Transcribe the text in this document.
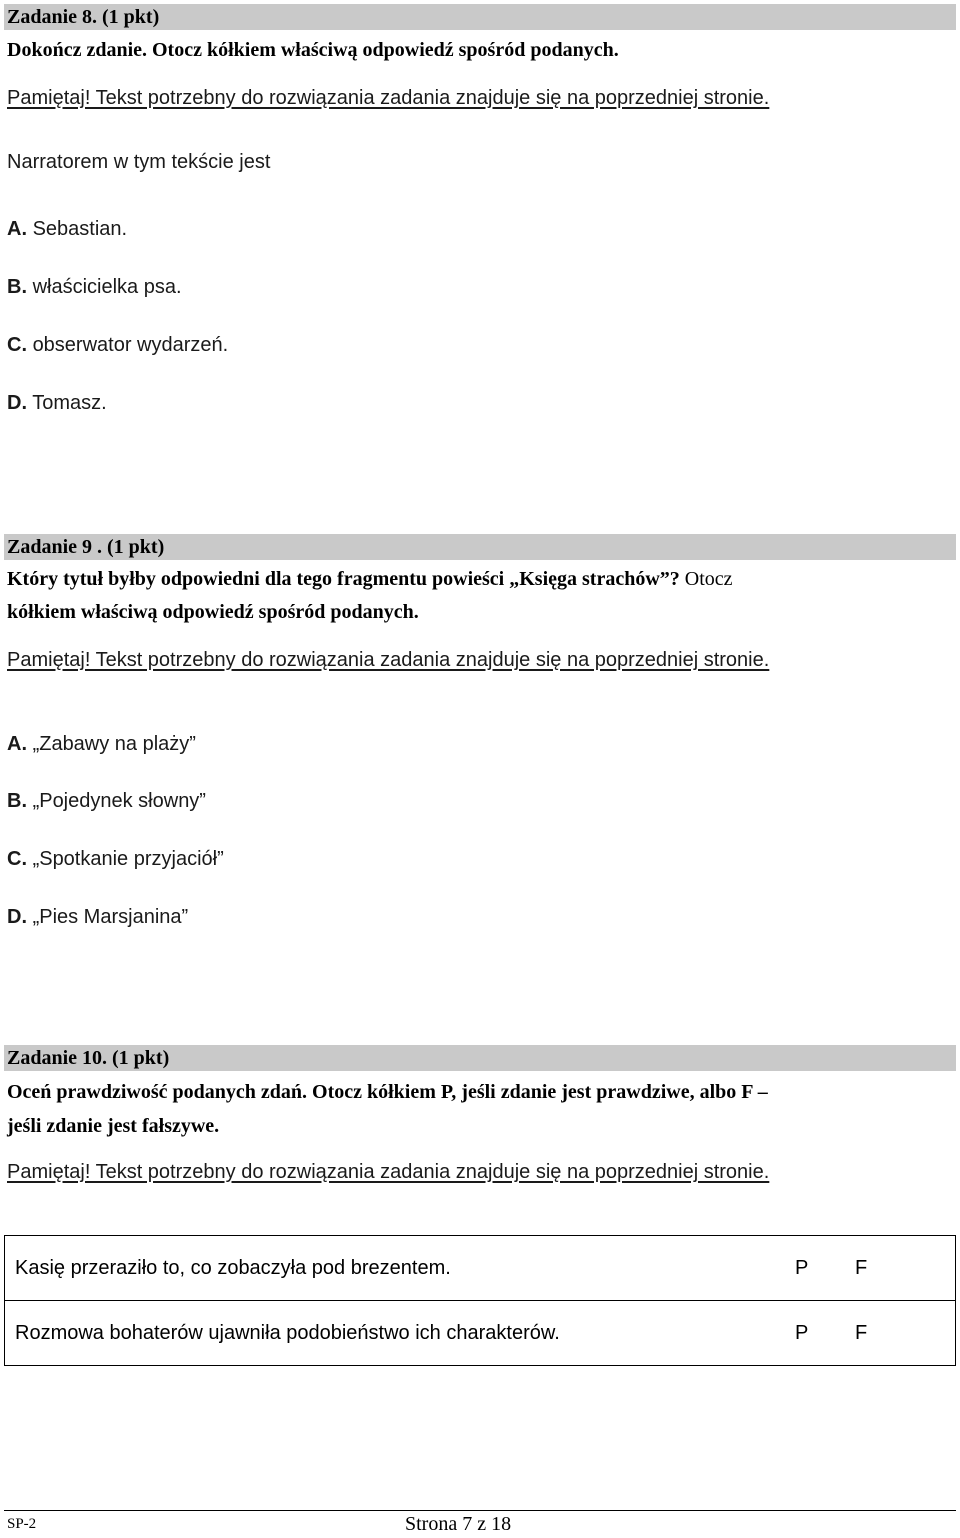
Zadanie 8. (1 pkt)
Dokończ zdanie. Otocz kółkiem właściwą odpowiedź spośród podanych.
Pamiętaj! Tekst potrzebny do rozwiązania zadania znajduje się na poprzedniej stronie.
Narratorem w tym tekście jest
A. Sebastian.
B. właścicielka psa.
C. obserwator wydarzeń.
D. Tomasz.
Zadanie 9 . (1 pkt)
Który tytuł byłby odpowiedni dla tego fragmentu powieści „Księga strachów”? Otocz
kółkiem właściwą odpowiedź spośród podanych.
Pamiętaj! Tekst potrzebny do rozwiązania zadania znajduje się na poprzedniej stronie.
A. „Zabawy na plaży”
B. „Pojedynek słowny”
C. „Spotkanie przyjaciół”
D. „Pies Marsjanina”
Zadanie 10. (1 pkt)
Oceń prawdziwość podanych zdań. Otocz kółkiem P, jeśli zdanie jest prawdziwe, albo F –
jeśli zdanie jest fałszywe.
Pamiętaj! Tekst potrzebny do rozwiązania zadania znajduje się na poprzedniej stronie.
Kasię przeraziło to, co zobaczyła pod brezentem.	P F
Rozmowa bohaterów ujawniła podobieństwo ich charakterów.	P F
SP-2	Strona 7 z 18
